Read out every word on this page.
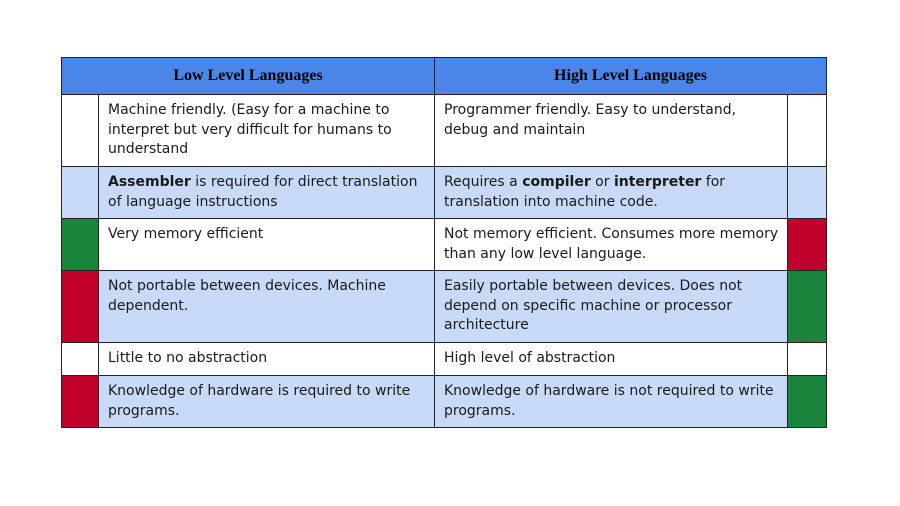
Low Level Languages		High Level Languages	
	Machine friendly. (Easy for a machine to interpret but very difficult for humans to understand	Programmer friendly. Easy to understand, debug and maintain	
	Assembler is required for direct translation of language instructions	Requires a compiler or interpreter for translation into machine code.	
	Very memory efficient	Not memory efficient. Consumes more memory than any low level language.	
	Not portable between devices. Machine dependent.	Easily portable between devices. Does not depend on specific machine or processor architecture	
	Little to no abstraction	High level of abstraction	
	Knowledge of hardware is required to write programs.	Knowledge of hardware is not required to write programs.	
